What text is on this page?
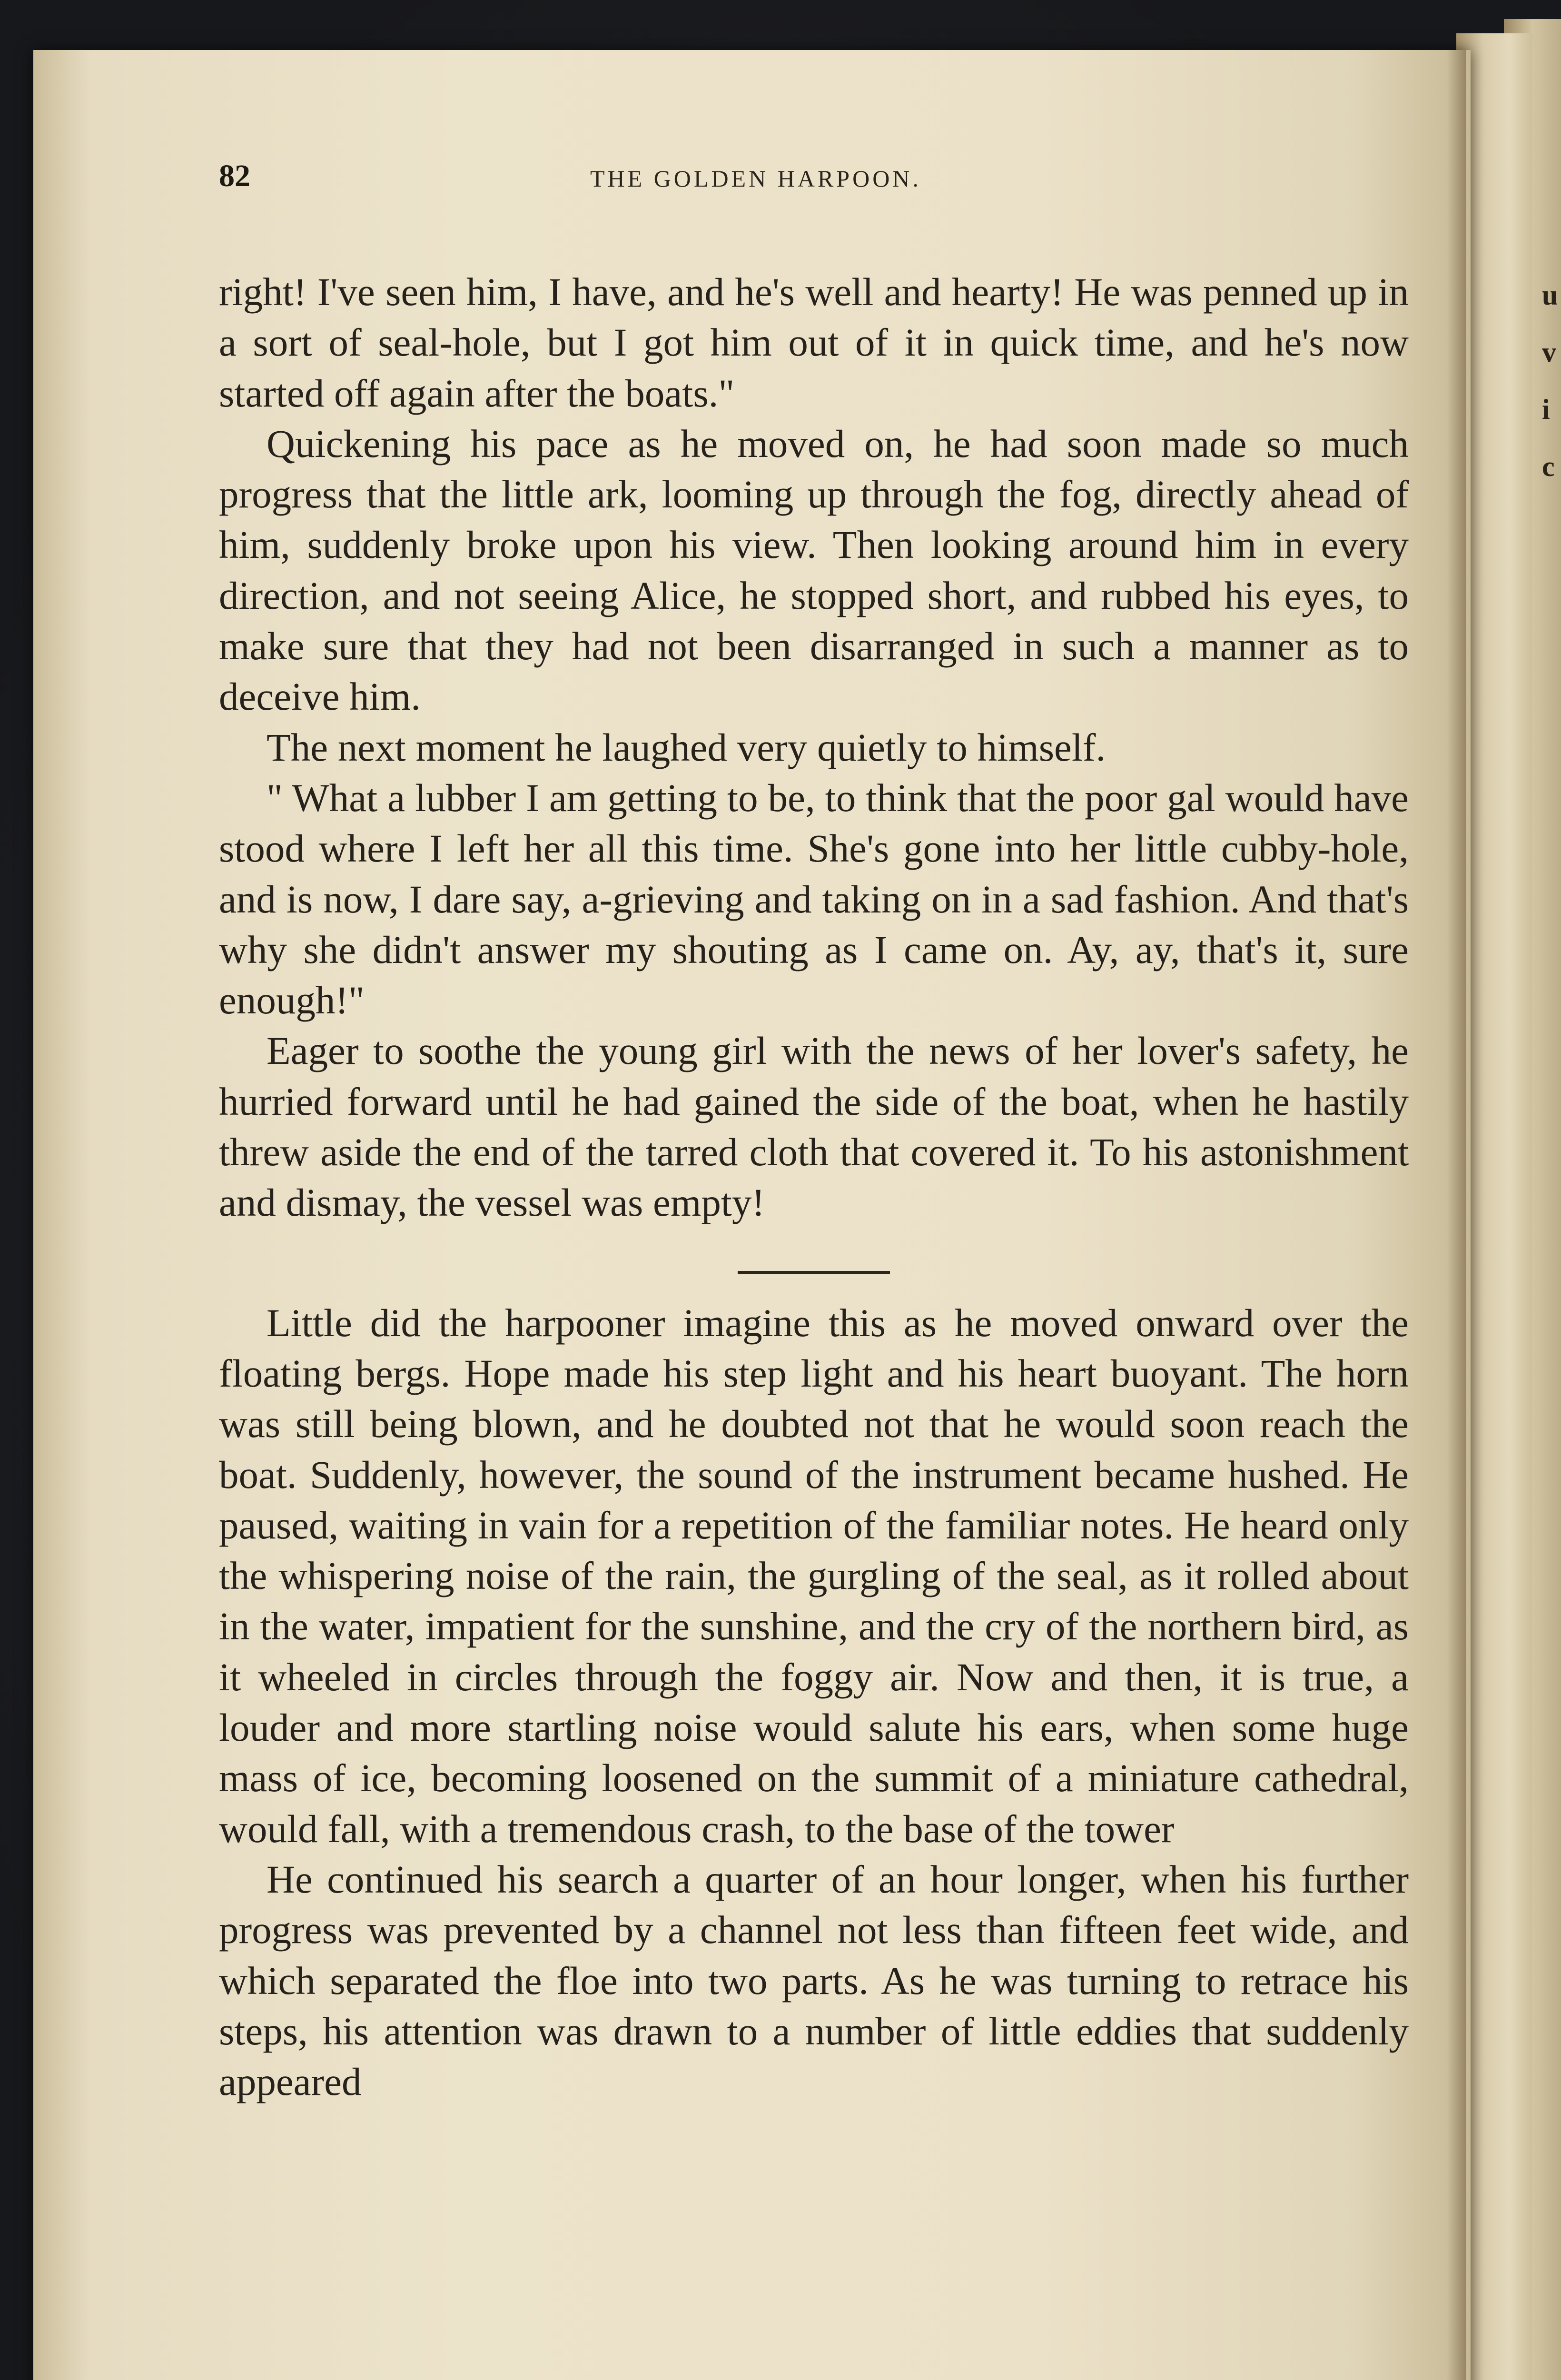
u
v
i
c
82	THE GOLDEN HARPOON.

right! I've seen him, I have, and he's well and hearty! He was penned up in a sort of seal-hole, but I got him out of it in quick time, and he's now started off again after the boats."

Quickening his pace as he moved on, he had soon made so much progress that the little ark, looming up through the fog, directly ahead of him, suddenly broke upon his view. Then looking around him in every direction, and not seeing Alice, he stopped short, and rubbed his eyes, to make sure that they had not been disarranged in such a manner as to deceive him.

The next moment he laughed very quietly to himself.

" What a lubber I am getting to be, to think that the poor gal would have stood where I left her all this time. She's gone into her little cubby-hole, and is now, I dare say, a-grieving and taking on in a sad fashion. And that's why she didn't answer my shouting as I came on. Ay, ay, that's it, sure enough!"

Eager to soothe the young girl with the news of her lover's safety, he hurried forward until he had gained the side of the boat, when he hastily threw aside the end of the tarred cloth that covered it. To his astonishment and dismay, the vessel was empty!

Little did the harpooner imagine this as he moved onward over the floating bergs. Hope made his step light and his heart buoyant. The horn was still being blown, and he doubted not that he would soon reach the boat. Suddenly, however, the sound of the instrument became hushed. He paused, waiting in vain for a repetition of the familiar notes. He heard only the whispering noise of the rain, the gurgling of the seal, as it rolled about in the water, impatient for the sunshine, and the cry of the northern bird, as it wheeled in circles through the foggy air. Now and then, it is true, a louder and more startling noise would salute his ears, when some huge mass of ice, becoming loosened on the summit of a miniature cathedral, would fall, with a tremendous crash, to the base of the tower

He continued his search a quarter of an hour longer, when his further progress was prevented by a channel not less than fifteen feet wide, and which separated the floe into two parts. As he was turning to retrace his steps, his attention was drawn to a number of little eddies that suddenly appeared
